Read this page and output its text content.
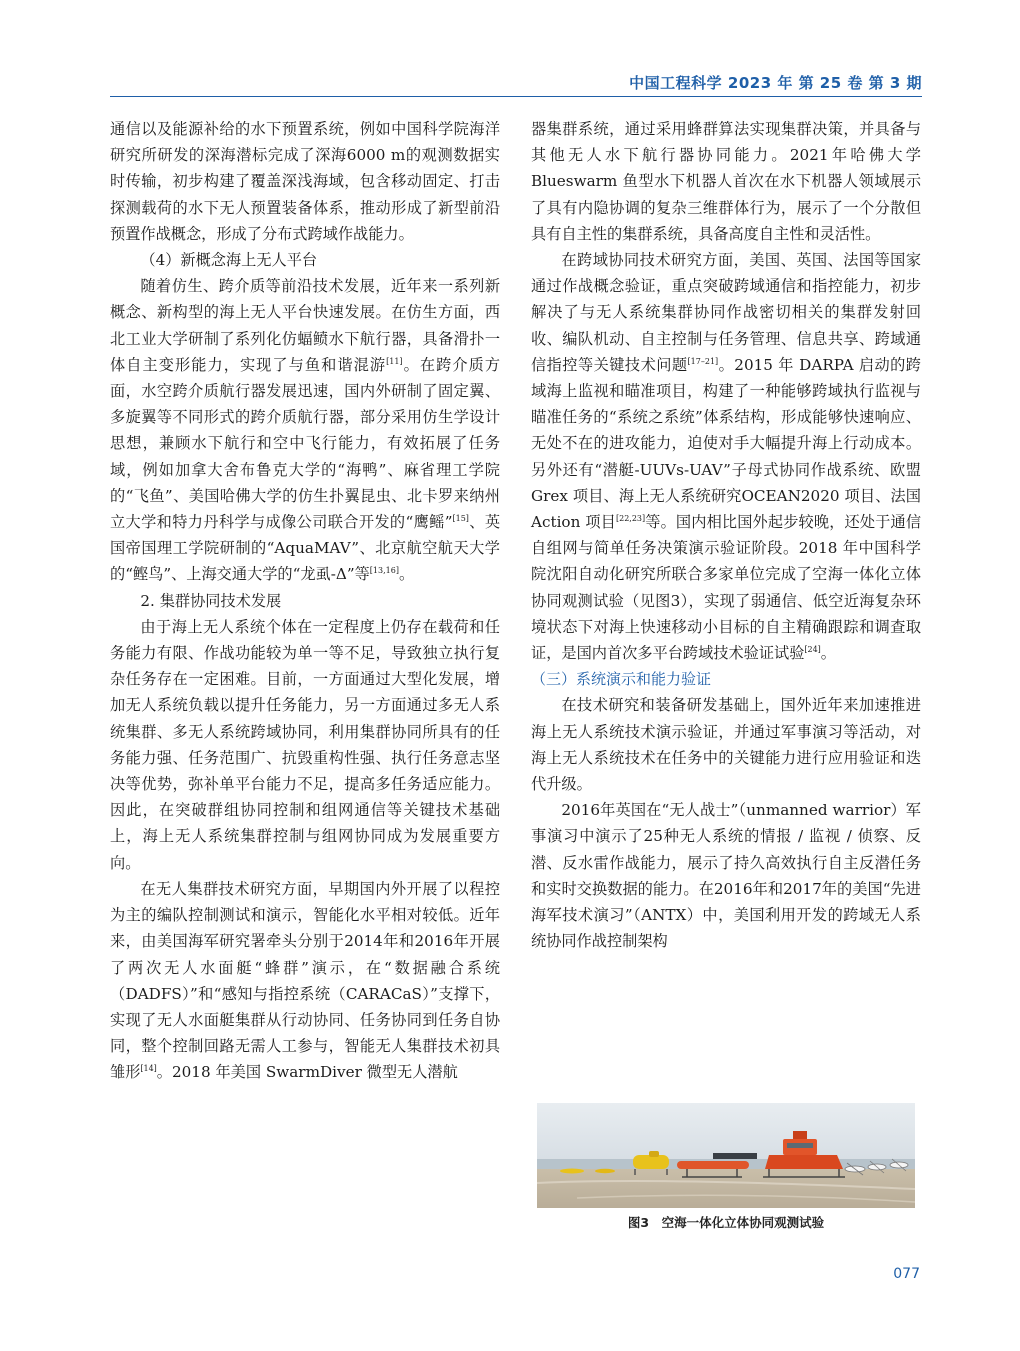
中国工程科学 2023 年 第 25 卷 第 3 期

通信以及能源补给的水下预置系统，例如中国科学院海洋研究所研发的深海潜标完成了深海6000 m的观测数据实时传输，初步构建了覆盖深浅海域，包含移动固定、打击探测载荷的水下无人预置装备体系，推动形成了新型前沿预置作战概念，形成了分布式跨域作战能力。

（4）新概念海上无人平台

随着仿生、跨介质等前沿技术发展，近年来一系列新概念、新构型的海上无人平台快速发展。在仿生方面，西北工业大学研制了系列化仿蝠鲼水下航行器，具备滑扑一体自主变形能力，实现了与鱼和谐混游[11]。在跨介质方面，水空跨介质航行器发展迅速，国内外研制了固定翼、多旋翼等不同形式的跨介质航行器，部分采用仿生学设计思想，兼顾水下航行和空中飞行能力，有效拓展了任务域，例如加拿大舍布鲁克大学的“海鸭”、麻省理工学院的“飞鱼”、美国哈佛大学的仿生扑翼昆虫、北卡罗来纳州立大学和特力丹科学与成像公司联合开发的“鹰鳐”[15]、英国帝国理工学院研制的“AquaMAV”、北京航空航天大学的“鲣鸟”、上海交通大学的“龙虱-Δ”等[13,16]。

2. 集群协同技术发展

由于海上无人系统个体在一定程度上仍存在载荷和任务能力有限、作战功能较为单一等不足，导致独立执行复杂任务存在一定困难。目前，一方面通过大型化发展，增加无人系统负载以提升任务能力，另一方面通过多无人系统集群、多无人系统跨域协同，利用集群协同所具有的任务能力强、任务范围广、抗毁重构性强、执行任务意志坚决等优势，弥补单平台能力不足，提高多任务适应能力。因此，在突破群组协同控制和组网通信等关键技术基础上，海上无人系统集群控制与组网协同成为发展重要方向。

在无人集群技术研究方面，早期国内外开展了以程控为主的编队控制测试和演示，智能化水平相对较低。近年来，由美国海军研究署牵头分别于2014年和2016年开展了两次无人水面艇“蜂群”演示，在“数据融合系统（DADFS）”和“感知与指控系统（CARACaS）”支撑下，实现了无人水面艇集群从行动协同、任务协同到任务自协同，整个控制回路无需人工参与，智能无人集群技术初具雏形[14]。2018 年美国 SwarmDiver 微型无人潜航

器集群系统，通过采用蜂群算法实现集群决策，并具备与其他无人水下航行器协同能力。2021年哈佛大学 Blueswarm 鱼型水下机器人首次在水下机器人领域展示了具有内隐协调的复杂三维群体行为，展示了一个分散但具有自主性的集群系统，具备高度自主性和灵活性。

在跨域协同技术研究方面，美国、英国、法国等国家通过作战概念验证，重点突破跨域通信和指控能力，初步解决了与无人系统集群协同作战密切相关的集群发射回收、编队机动、自主控制与任务管理、信息共享、跨域通信指控等关键技术问题[17–21]。2015 年 DARPA 启动的跨域海上监视和瞄准项目，构建了一种能够跨域执行监视与瞄准任务的“系统之系统”体系结构，形成能够快速响应、无处不在的进攻能力，迫使对手大幅提升海上行动成本。另外还有“潜艇-UUVs-UAV”子母式协同作战系统、欧盟 Grex 项目、海上无人系统研究OCEAN2020 项目、法国 Action 项目[22,23]等。国内相比国外起步较晚，还处于通信自组网与简单任务决策演示验证阶段。2018 年中国科学院沈阳自动化研究所联合多家单位完成了空海一体化立体协同观测试验（见图3），实现了弱通信、低空近海复杂环境状态下对海上快速移动小目标的自主精确跟踪和调查取证，是国内首次多平台跨域技术验证试验[24]。

（三）系统演示和能力验证

在技术研究和装备研发基础上，国外近年来加速推进海上无人系统技术演示验证，并通过军事演习等活动，对海上无人系统技术在任务中的关键能力进行应用验证和迭代升级。

2016年英国在“无人战士”（unmanned warrior）军事演习中演示了25种无人系统的情报 / 监视 / 侦察、反潜、反水雷作战能力，展示了持久高效执行自主反潜任务和实时交换数据的能力。在2016年和2017年的美国“先进海军技术演习”（ANTX）中，美国利用开发的跨域无人系统协同作战控制架构

图3　空海一体化立体协同观测试验
077
